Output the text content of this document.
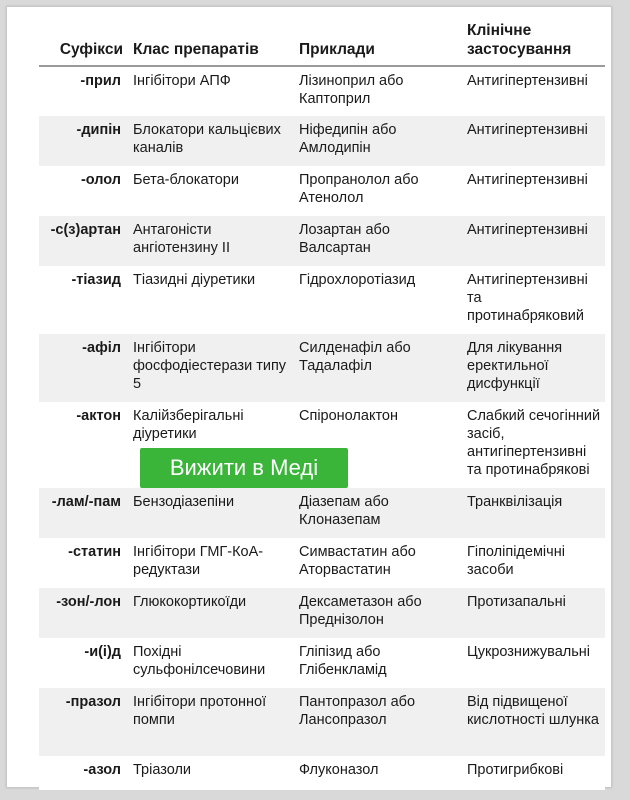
Суфікси	Клас препаратів	Приклади	Клінічне застосування
-прил	Інгібітори АПФ	Лізиноприл або Каптоприл	Антигіпертензивні
-дипін	Блокатори кальцієвих каналів	Ніфедипін або Амлодипін	Антигіпертензивні
-олол	Бета-блокатори	Пропранолол або Атенолол	Антигіпертензивні
-с(з)артан	Антагоністи ангіотензину II	Лозартан або Валсартан	Антигіпертензивні
-тіазид	Тіазидні діуретики	Гідрохлоротіазид	Антигіпертензивні та протинабряковий
-афіл	Інгібітори фосфодіестерази типу 5	Силденафіл або Тадалафіл	Для лікування еректильної дисфункції
-актон	Калійзберігальні діуретики	Спіронолактон	Слабкий сечогінний засіб, антигіпертензивні та протинабрякові
-лам/-пам	Бензодіазепіни	Діазепам або Клоназепам	Транквілізація
-статин	Інгібітори ГМГ-КоА-редуктази	Симвастатин або Аторвастатин	Гіполіпідемічні засоби
-зон/-лон	Глюкокортикоїди	Дексаметазон або Преднізолон	Протизапальні
-и(і)д	Похідні сульфонілсечовини	Гліпізид або Глібенкламід	Цукрознижувальні
-празол	Інгібітори протонної помпи	Пантопразол або Лансопразол	Від підвищеної кислотності шлунка
-азол	Тріазоли	Флуконазол	Протигрибкові
Вижити в Меді
